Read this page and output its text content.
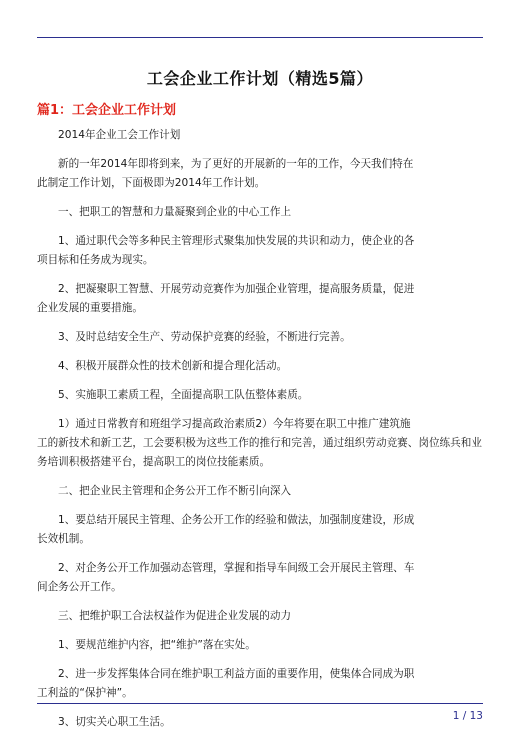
工会企业工作计划（精选5篇）
篇1：工会企业工作计划

2014年企业工会工作计划

新的一年2014年即将到来，为了更好的开展新的一年的工作，今天我们特在
此制定工作计划，下面极即为2014年工作计划。

一、把职工的智慧和力量凝聚到企业的中心工作上

1、通过职代会等多种民主管理形式聚集加快发展的共识和动力，使企业的各
项目标和任务成为现实。

2、把凝聚职工智慧、开展劳动竞赛作为加强企业管理，提高服务质量，促进
企业发展的重要措施。

3、及时总结安全生产、劳动保护竞赛的经验，不断进行完善。

4、积极开展群众性的技术创新和提合理化活动。

5、实施职工素质工程，全面提高职工队伍整体素质。

1）通过日常教育和班组学习提高政治素质2）今年将要在职工中推广建筑施
工的新技术和新工艺，工会要积极为这些工作的推行和完善，通过组织劳动竞赛、岗位练兵和业
务培训积极搭建平台，提高职工的岗位技能素质。

二、把企业民主管理和企务公开工作不断引向深入

1、要总结开展民主管理、企务公开工作的经验和做法，加强制度建设，形成
长效机制。

2、对企务公开工作加强动态管理，掌握和指导车间级工会开展民主管理、车
间企务公开工作。

三、把维护职工合法权益作为促进企业发展的动力

1、要规范维护内容，把“维护”落在实处。

2、进一步发挥集体合同在维护职工利益方面的重要作用，使集体合同成为职
工利益的“保护神”。

3、切实关心职工生活。	1 / 13
